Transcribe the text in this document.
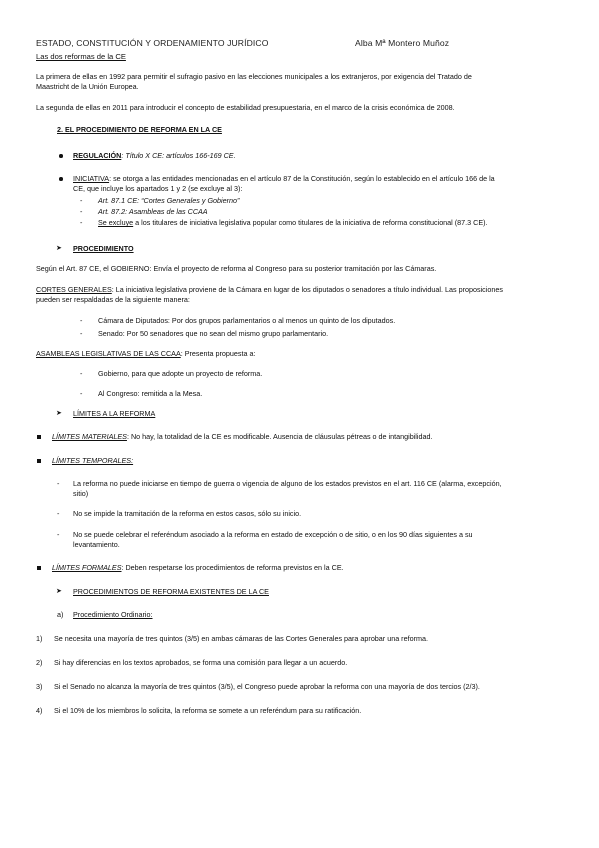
ESTADO, CONSTITUCIÓN Y ORDENAMIENTO JURÍDICO	Alba Mª Montero Muñoz
Las dos reformas de la CE
La primera de ellas en 1992 para permitir el sufragio pasivo en las elecciones municipales a los extranjeros, por exigencia del Tratado de
Maastricht de la Unión Europea.
La segunda de ellas en 2011 para introducir el concepto de estabilidad presupuestaria, en el marco de la crisis económica de 2008.
2. EL PROCEDIMIENTO DE REFORMA EN LA CE
REGULACIÓN: Título X CE: artículos 166-169 CE.
INICIATIVA: se otorga a las entidades mencionadas en el artículo 87 de la Constitución, según lo establecido en el artículo 166 de la
CE, que incluye los apartados 1 y 2 (se excluye al 3):
- Art. 87.1 CE: “Cortes Generales y Gobierno”
- Art. 87.2: Asambleas de las CCAA
- Se excluye a los titulares de iniciativa legislativa popular como titulares de la iniciativa de reforma constitucional (87.3 CE).
➤ PROCEDIMIENTO
Según el Art. 87 CE, el GOBIERNO: Envía el proyecto de reforma al Congreso para su posterior tramitación por las Cámaras.
CORTES GENERALES: La iniciativa legislativa proviene de la Cámara en lugar de los diputados o senadores a título individual. Las proposiciones
pueden ser respaldadas de la siguiente manera:
- Cámara de Diputados: Por dos grupos parlamentarios o al menos un quinto de los diputados.
- Senado: Por 50 senadores que no sean del mismo grupo parlamentario.
ASAMBLEAS LEGISLATIVAS DE LAS CCAA: Presenta propuesta a:
- Gobierno, para que adopte un proyecto de reforma.
- Al Congreso: remitida a la Mesa.
➤ LÍMITES A LA REFORMA
LÍMITES MATERIALES: No hay, la totalidad de la CE es modificable. Ausencia de cláusulas pétreas o de intangibilidad.
LÍMITES TEMPORALES:
- La reforma no puede iniciarse en tiempo de guerra o vigencia de alguno de los estados previstos en el art. 116 CE (alarma, excepción,
sitio)
- No se impide la tramitación de la reforma en estos casos, sólo su inicio.
- No se puede celebrar el referéndum asociado a la reforma en estado de excepción o de sitio, o en los 90 días siguientes a su
levantamiento.
LÍMITES FORMALES: Deben respetarse los procedimientos de reforma previstos en la CE.
➤ PROCEDIMIENTOS DE REFORMA EXISTENTES DE LA CE
a) Procedimiento Ordinario:
1) Se necesita una mayoría de tres quintos (3/5) en ambas cámaras de las Cortes Generales para aprobar una reforma.
2) Si hay diferencias en los textos aprobados, se forma una comisión para llegar a un acuerdo.
3) Si el Senado no alcanza la mayoría de tres quintos (3/5), el Congreso puede aprobar la reforma con una mayoría de dos tercios (2/3).
4) Si el 10% de los miembros lo solicita, la reforma se somete a un referéndum para su ratificación.
